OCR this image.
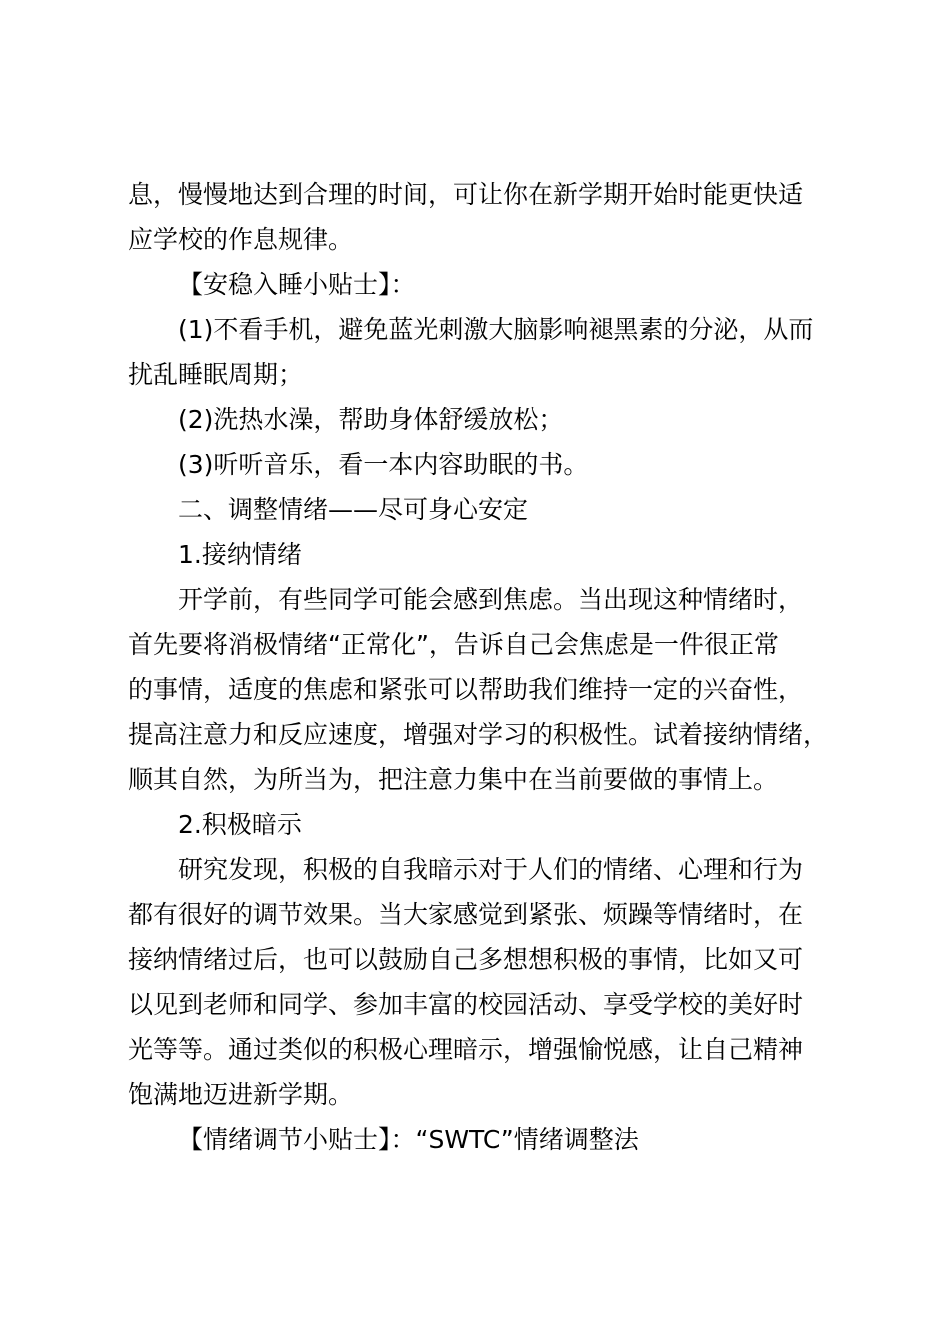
息，慢慢地达到合理的时间，可让你在新学期开始时能更快适
应学校的作息规律。
【安稳入睡小贴士】：
(1)不看手机，避免蓝光刺激大脑影响褪黑素的分泌，从而
扰乱睡眠周期；
(2)洗热水澡，帮助身体舒缓放松；
(3)听听音乐，看一本内容助眠的书。
二、调整情绪——尽可身心安定
1.接纳情绪
开学前，有些同学可能会感到焦虑。当出现这种情绪时，
首先要将消极情绪“正常化”，告诉自己会焦虑是一件很正常
的事情，适度的焦虑和紧张可以帮助我们维持一定的兴奋性，
提高注意力和反应速度，增强对学习的积极性。试着接纳情绪，
顺其自然，为所当为，把注意力集中在当前要做的事情上。
2.积极暗示
研究发现，积极的自我暗示对于人们的情绪、心理和行为
都有很好的调节效果。当大家感觉到紧张、烦躁等情绪时，在
接纳情绪过后，也可以鼓励自己多想想积极的事情，比如又可
以见到老师和同学、参加丰富的校园活动、享受学校的美好时
光等等。通过类似的积极心理暗示，增强愉悦感，让自己精神
饱满地迈进新学期。
【情绪调节小贴士】：“SWTC”情绪调整法
